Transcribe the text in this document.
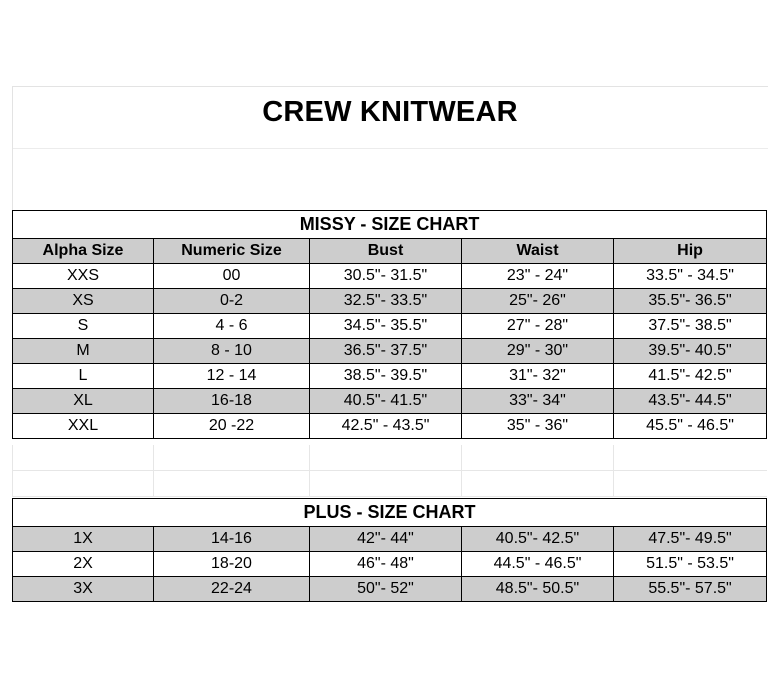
CREW KNITWEAR
MISSY - SIZE CHART				
Alpha Size	Numeric Size	Bust	Waist	Hip
XXS	00	30.5"- 31.5"	23" - 24"	33.5" - 34.5"
XS	0-2	32.5"- 33.5"	25"- 26"	35.5"- 36.5"
S	4 - 6	34.5"- 35.5"	27" - 28"	37.5"- 38.5"
M	8 - 10	36.5"- 37.5"	29" - 30"	39.5"- 40.5"
L	12 - 14	38.5"- 39.5"	31"- 32"	41.5"- 42.5"
XL	16-18	40.5"- 41.5"	33"- 34"	43.5"- 44.5"
XXL	20 -22	42.5" - 43.5"	35" - 36"	45.5" - 46.5"

PLUS - SIZE CHART				
1X	14-16	42"- 44"	40.5"- 42.5"	47.5"- 49.5"
2X	18-20	46"- 48"	44.5" - 46.5"	51.5" - 53.5"
3X	22-24	50"- 52"	48.5"- 50.5"	55.5"- 57.5"
